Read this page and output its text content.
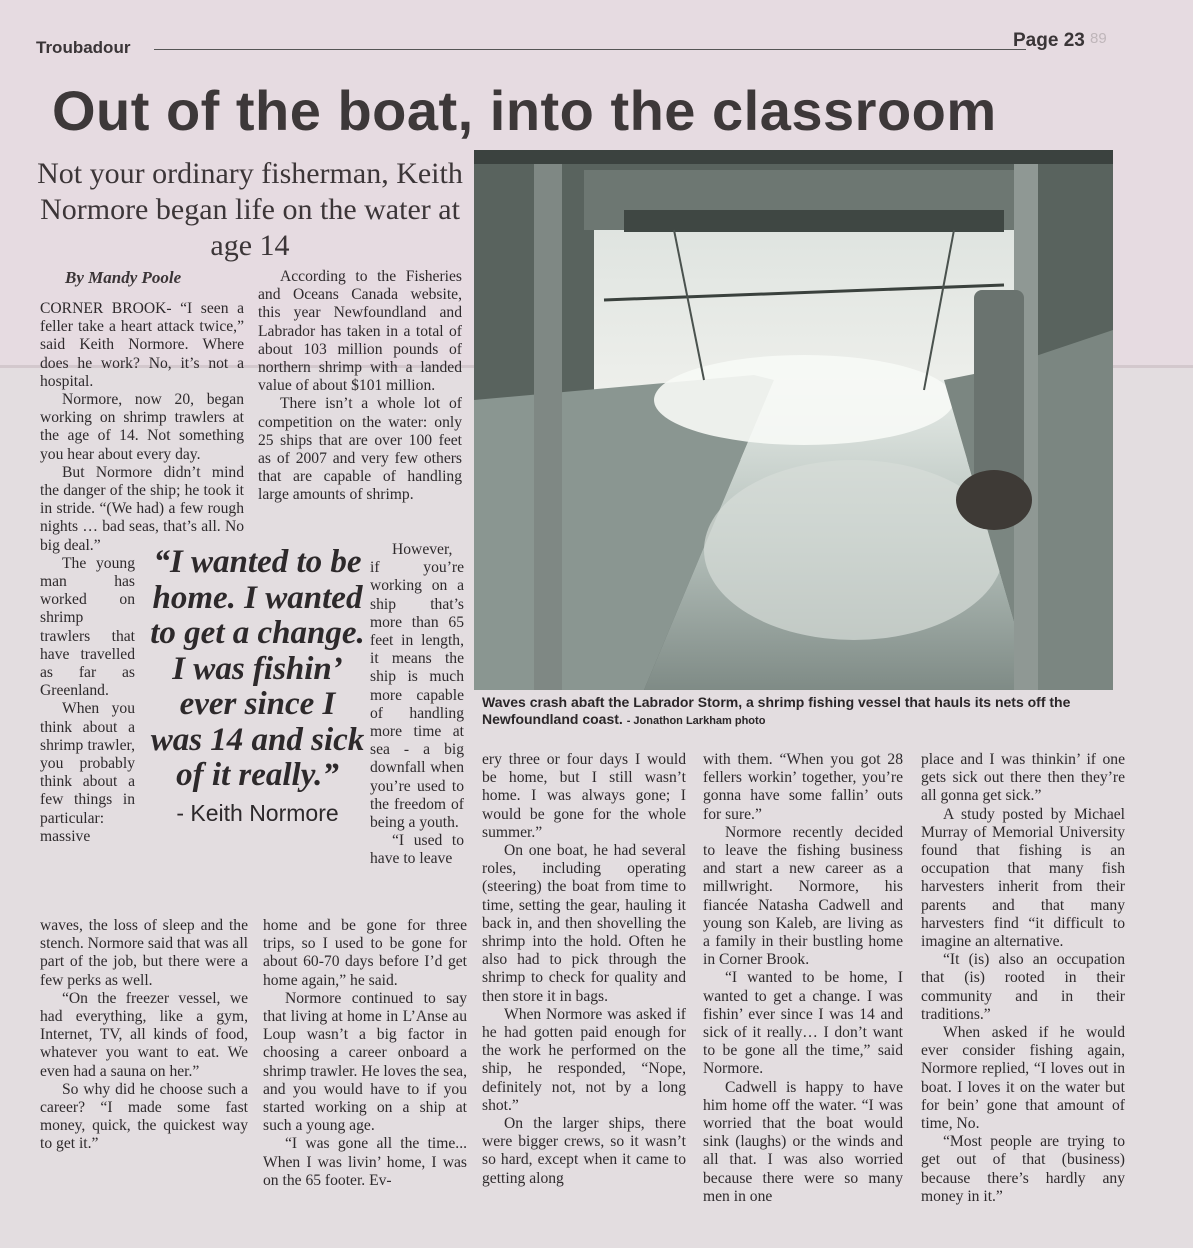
Troubadour	Page 23 89
Out of the boat, into the classroom
Not your ordinary fisherman, Keith Normore began life on the water at age 14
By Mandy Poole

CORNER BROOK- “I seen a feller take a heart attack twice,” said Keith Normore. Where does he work? No, it’s not a hospital.

Normore, now 20, began working on shrimp trawlers at the age of 14. Not something you hear about every day.

But Normore didn’t mind the danger of the ship; he took it in stride. “(We had) a few rough nights … bad seas, that’s all. No big deal.”

The young man has worked on shrimp trawlers that have travelled as far as Greenland.

When you think about a shrimp trawler, you probably think about a few things in particular: massive

waves, the loss of sleep and the stench. Normore said that was all part of the job, but there were a few perks as well.

“On the freezer vessel, we had everything, like a gym, Internet, TV, all kinds of food, whatever you want to eat. We even had a sauna on her.”

So why did he choose such a career? “I made some fast money, quick, the quickest way to get it.”

According to the Fisheries and Oceans Canada website, this year Newfoundland and Labrador has taken in a total of about 103 million pounds of northern shrimp with a landed value of about $101 million.

There isn’t a whole lot of competition on the water: only 25 ships that are over 100 feet as of 2007 and very few others that are capable of handling large amounts of shrimp.

However, if you’re working on a ship that’s more than 65 feet in length, it means the ship is much more capable of handling more time at sea - a big downfall when you’re used to the freedom of being a youth.

“I used to have to leave

home and be gone for three trips, so I used to be gone for about 60-70 days before I’d get home again,” he said.

Normore continued to say that living at home in L’Anse au Loup wasn’t a big factor in choosing a career onboard a shrimp trawler. He loves the sea, and you would have to if you started working on a ship at such a young age.

“I was gone all the time... When I was livin’ home, I was on the 65 footer. Ev-

“I wanted to be home. I wanted to get a change. I was fishin’ ever since I was 14 and sick of it really.”
- Keith Normore
Waves crash abaft the Labrador Storm, a shrimp fishing vessel that hauls its nets off the Newfoundland coast. - Jonathon Larkham photo

ery three or four days I would be home, but I still wasn’t home. I was always gone; I would be gone for the whole summer.”

On one boat, he had several roles, including operating (steering) the boat from time to time, setting the gear, hauling it back in, and then shovelling the shrimp into the hold. Often he also had to pick through the shrimp to check for quality and then store it in bags.

When Normore was asked if he had gotten paid enough for the work he performed on the ship, he responded, “Nope, definitely not, not by a long shot.”

On the larger ships, there were bigger crews, so it wasn’t so hard, except when it came to getting along

with them. “When you got 28 fellers workin’ together, you’re gonna have some fallin’ outs for sure.”

Normore recently decided to leave the fishing business and start a new career as a millwright. Normore, his fiancée Natasha Cadwell and young son Kaleb, are living as a family in their bustling home in Corner Brook.

“I wanted to be home, I wanted to get a change. I was fishin’ ever since I was 14 and sick of it really… I don’t want to be gone all the time,” said Normore.

Cadwell is happy to have him home off the water. “I was worried that the boat would sink (laughs) or the winds and all that. I was also worried because there were so many men in one

place and I was thinkin’ if one gets sick out there then they’re all gonna get sick.”

A study posted by Michael Murray of Memorial University found that fishing is an occupation that many fish harvesters inherit from their parents and that many harvesters find “it difficult to imagine an alternative.

“It (is) also an occupation that (is) rooted in their community and in their traditions.”

When asked if he would ever consider fishing again, Normore replied, “I loves out in boat. I loves it on the water but for bein’ gone that amount of time, No.

“Most people are trying to get out of that (business) because there’s hardly any money in it.”
